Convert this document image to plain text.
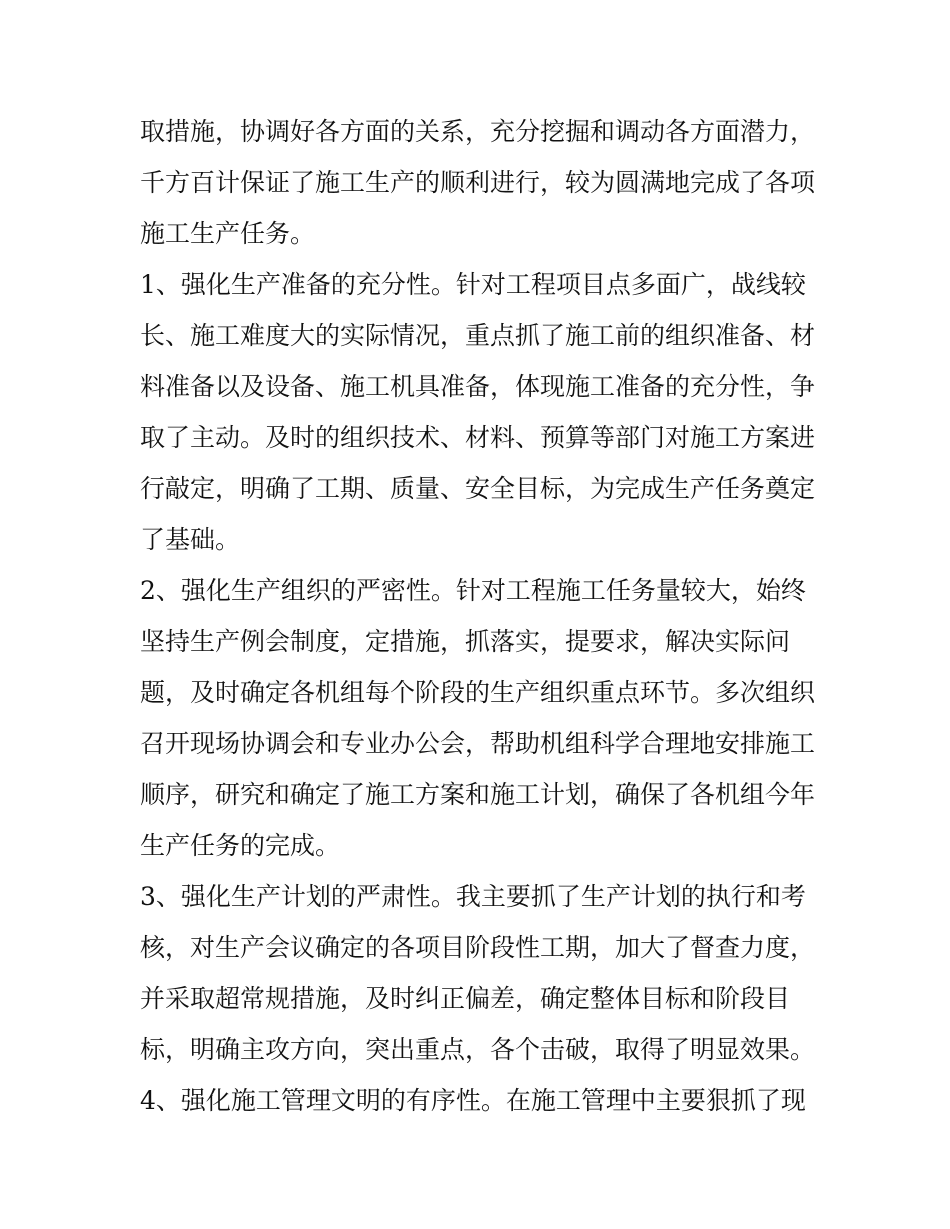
取措施，协调好各方面的关系，充分挖掘和调动各方面潜力，
千方百计保证了施工生产的顺利进行，较为圆满地完成了各项
施工生产任务。
1、强化生产准备的充分性。针对工程项目点多面广，战线较
长、施工难度大的实际情况，重点抓了施工前的组织准备、材
料准备以及设备、施工机具准备，体现施工准备的充分性，争
取了主动。及时的组织技术、材料、预算等部门对施工方案进
行敲定，明确了工期、质量、安全目标，为完成生产任务奠定
了基础。
2、强化生产组织的严密性。针对工程施工任务量较大，始终
坚持生产例会制度，定措施，抓落实，提要求，解决实际问
题，及时确定各机组每个阶段的生产组织重点环节。多次组织
召开现场协调会和专业办公会，帮助机组科学合理地安排施工
顺序，研究和确定了施工方案和施工计划，确保了各机组今年
生产任务的完成。
3、强化生产计划的严肃性。我主要抓了生产计划的执行和考
核，对生产会议确定的各项目阶段性工期，加大了督查力度，
并采取超常规措施，及时纠正偏差，确定整体目标和阶段目
标，明确主攻方向，突出重点，各个击破，取得了明显效果。
4、强化施工管理文明的有序性。在施工管理中主要狠抓了现
